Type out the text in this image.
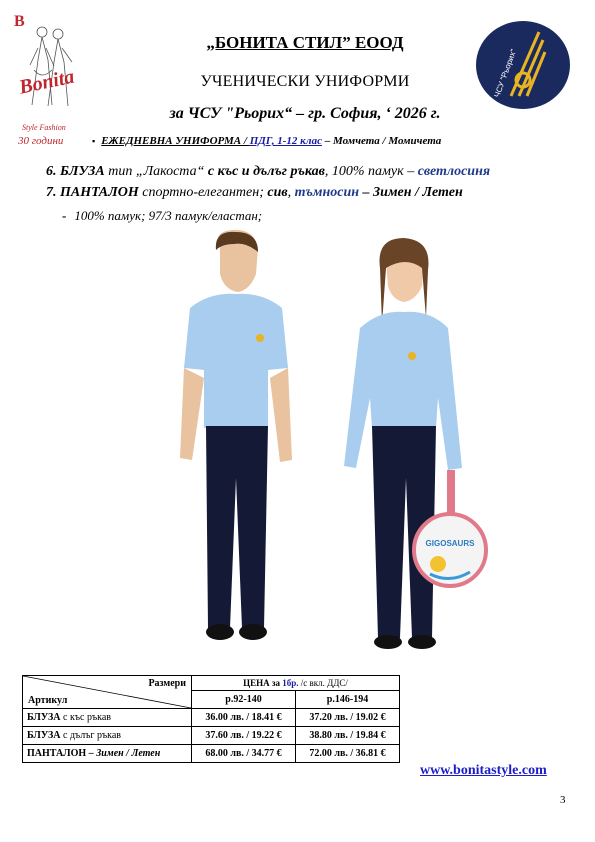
B
Bonita
Style Fashion
30 години
ЧСУ "Рьорих"
„БОНИТА СТИЛ” ЕООД
УЧЕНИЧЕСКИ УНИФОРМИ
за ЧСУ "Рьорих“ – гр. София, ‘ 2026 г.
▪ ЕЖЕДНЕВНА УНИФОРМА / ПДГ, 1-12 клас – Момчета / Момичета
6. БЛУЗА тип „Лакоста“ с къс и дълъг ръкав, 100% памук – светлосиня
7. ПАНТАЛОН спортно-елегантен; сив, тъмносин – Зимен / Летен
- 100% памук; 97/3 памук/еластан;
GIGOSAURS
Размери
Артикул	ЦЕНА за 1бр. /с вкл. ДДС/	
	р.92-140	р.146-194
БЛУЗА с къс ръкав	36.00 лв. / 18.41 €	37.20 лв. / 19.02 €
БЛУЗА с дълъг ръкав	37.60 лв. / 19.22 €	38.80 лв. / 19.84 €
ПАНТАЛОН – Зимен / Летен	68.00 лв. / 34.77 €	72.00 лв. / 36.81 €
www.bonitastyle.com
3
